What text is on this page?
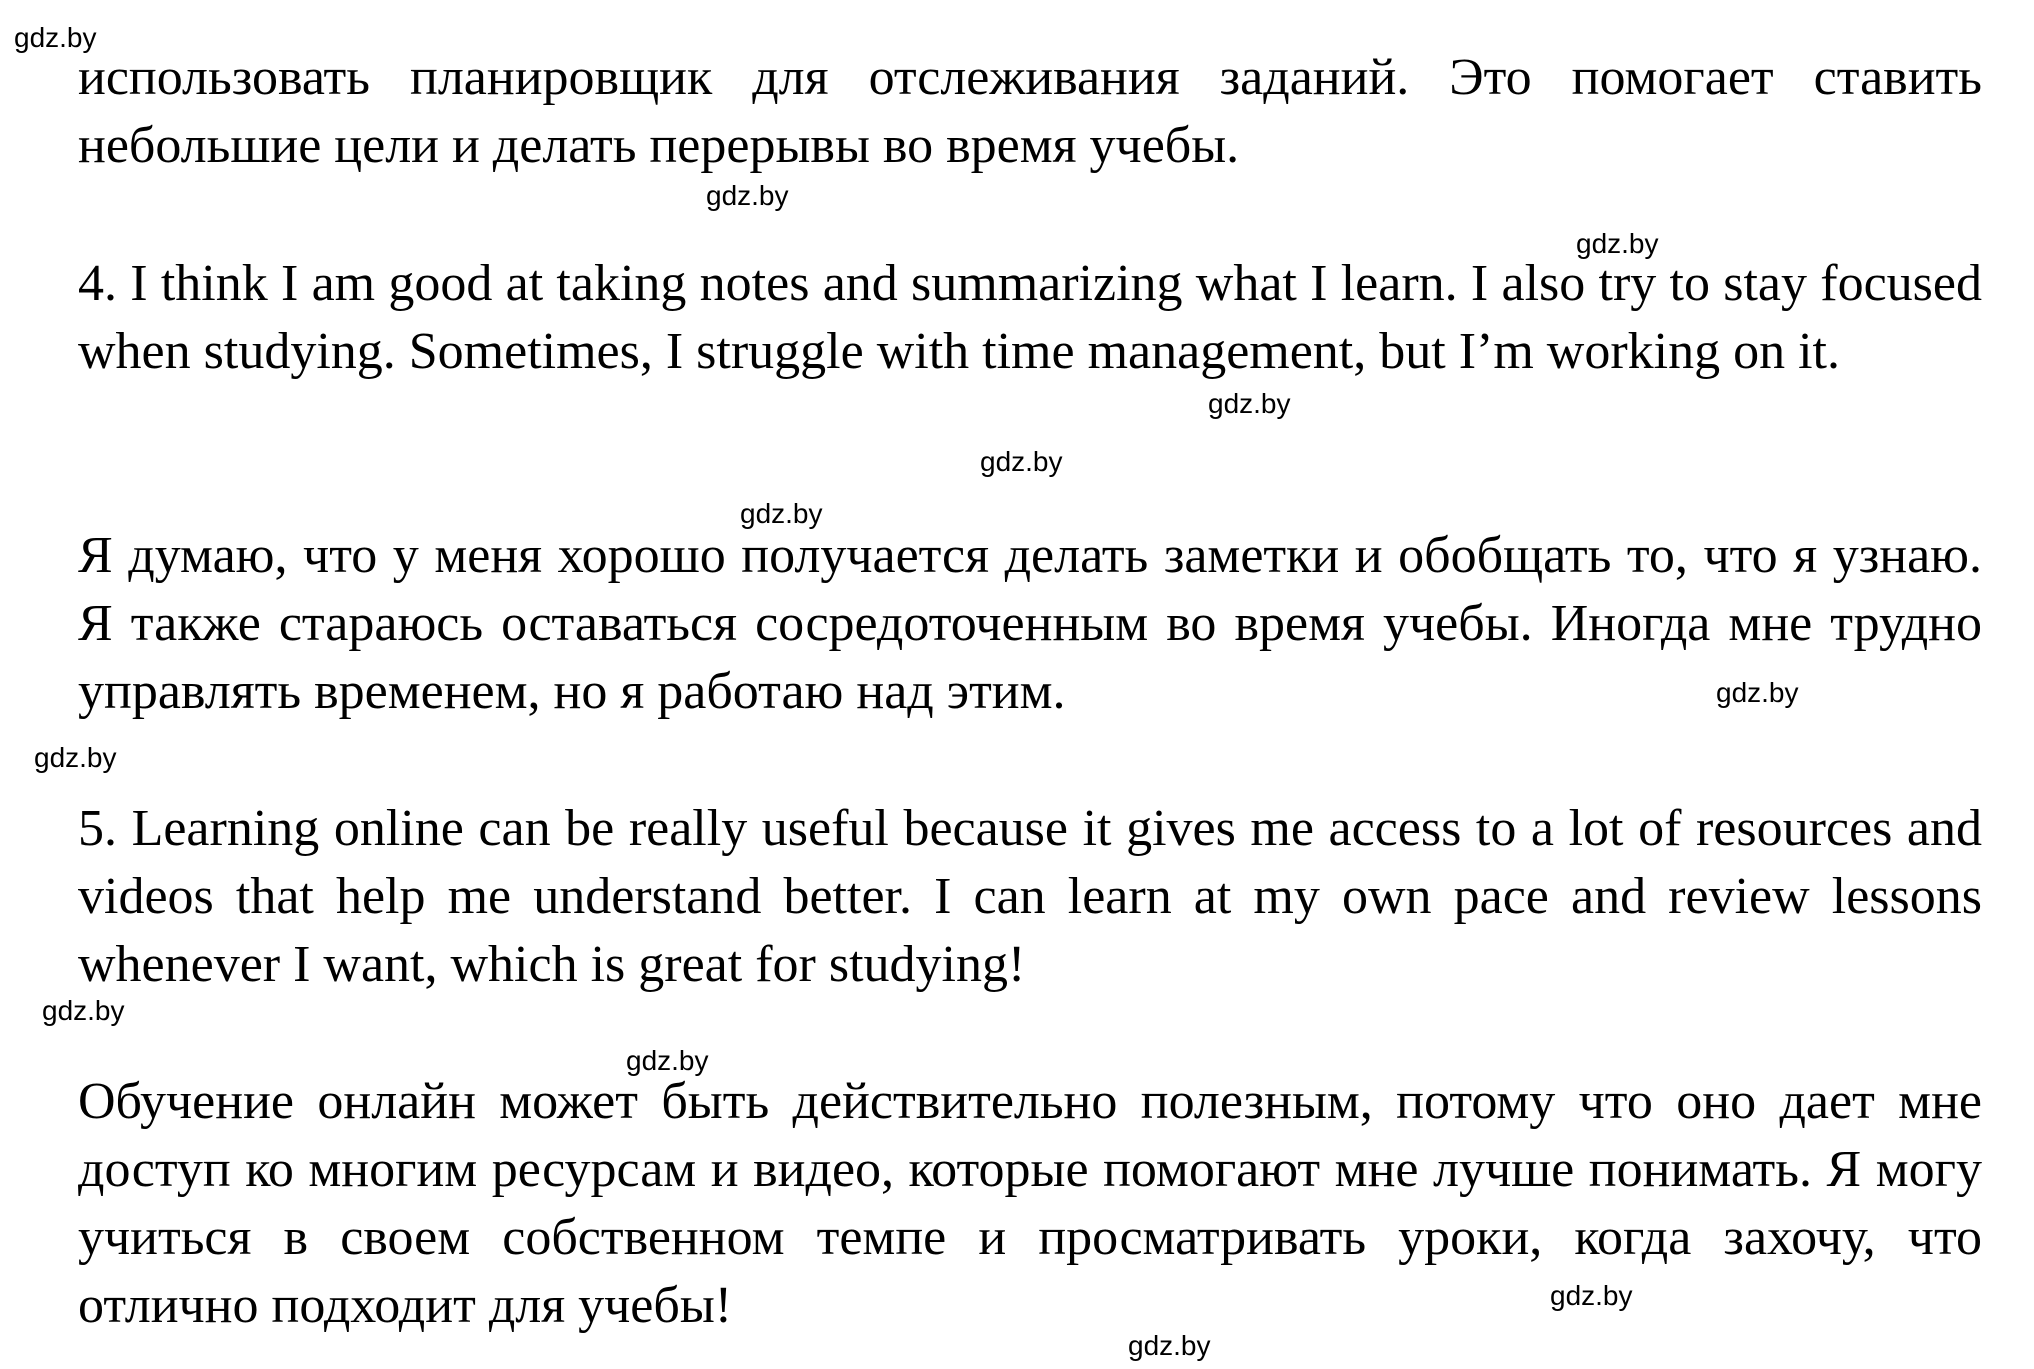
использовать планировщик для отслеживания заданий. Это помогает ставить небольшие цели и делать перерывы во время учебы.

4. I think I am good at taking notes and summarizing what I learn. I also try to stay focused when studying. Sometimes, I struggle with time management, but I’m working on it.

Я думаю, что у меня хорошо получается делать заметки и обобщать то, что я узнаю. Я также стараюсь оставаться сосредоточенным во время учебы. Иногда мне трудно управлять временем, но я работаю над этим.

5. Learning online can be really useful because it gives me access to a lot of resources and videos that help me understand better. I can learn at my own pace and review lessons whenever I want, which is great for studying!

Обучение онлайн может быть действительно полезным, потому что оно дает мне доступ ко многим ресурсам и видео, которые помогают мне лучше понимать. Я могу учиться в своем собственном темпе и просматривать уроки, когда захочу, что отлично подходит для учебы!

gdz.by
gdz.by
gdz.by
gdz.by
gdz.by
gdz.by
gdz.by
gdz.by
gdz.by
gdz.by
gdz.by
gdz.by
